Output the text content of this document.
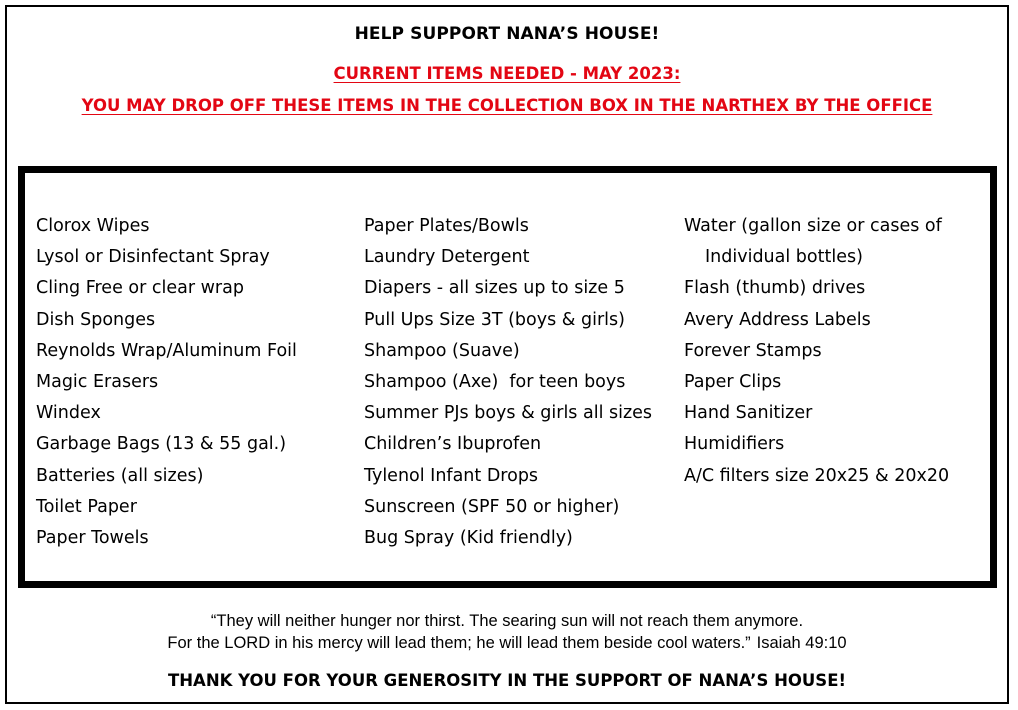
HELP SUPPORT NANA’S HOUSE!
CURRENT ITEMS NEEDED - MAY 2023:
YOU MAY DROP OFF THESE ITEMS IN THE COLLECTION BOX IN THE NARTHEX BY THE OFFICE
Clorox Wipes
Lysol or Disinfectant Spray
Cling Free or clear wrap
Dish Sponges
Reynolds Wrap/Aluminum Foil
Magic Erasers
Windex
Garbage Bags (13 & 55 gal.)
Batteries (all sizes)
Toilet Paper
Paper Towels
Paper Plates/Bowls
Laundry Detergent
Diapers - all sizes up to size 5
Pull Ups Size 3T (boys & girls)
Shampoo (Suave)
Shampoo (Axe)  for teen boys
Summer PJs boys & girls all sizes
Children’s Ibuprofen
Tylenol Infant Drops
Sunscreen (SPF 50 or higher)
Bug Spray (Kid friendly)
Water (gallon size or cases of
Individual bottles)
Flash (thumb) drives
Avery Address Labels
Forever Stamps
Paper Clips
Hand Sanitizer
Humidifiers
A/C filters size 20x25 & 20x20
“They will neither hunger nor thirst. The searing sun will not reach them anymore.
For the LORD in his mercy will lead them; he will lead them beside cool waters.” Isaiah 49:10
THANK YOU FOR YOUR GENEROSITY IN THE SUPPORT OF NANA’S HOUSE!
